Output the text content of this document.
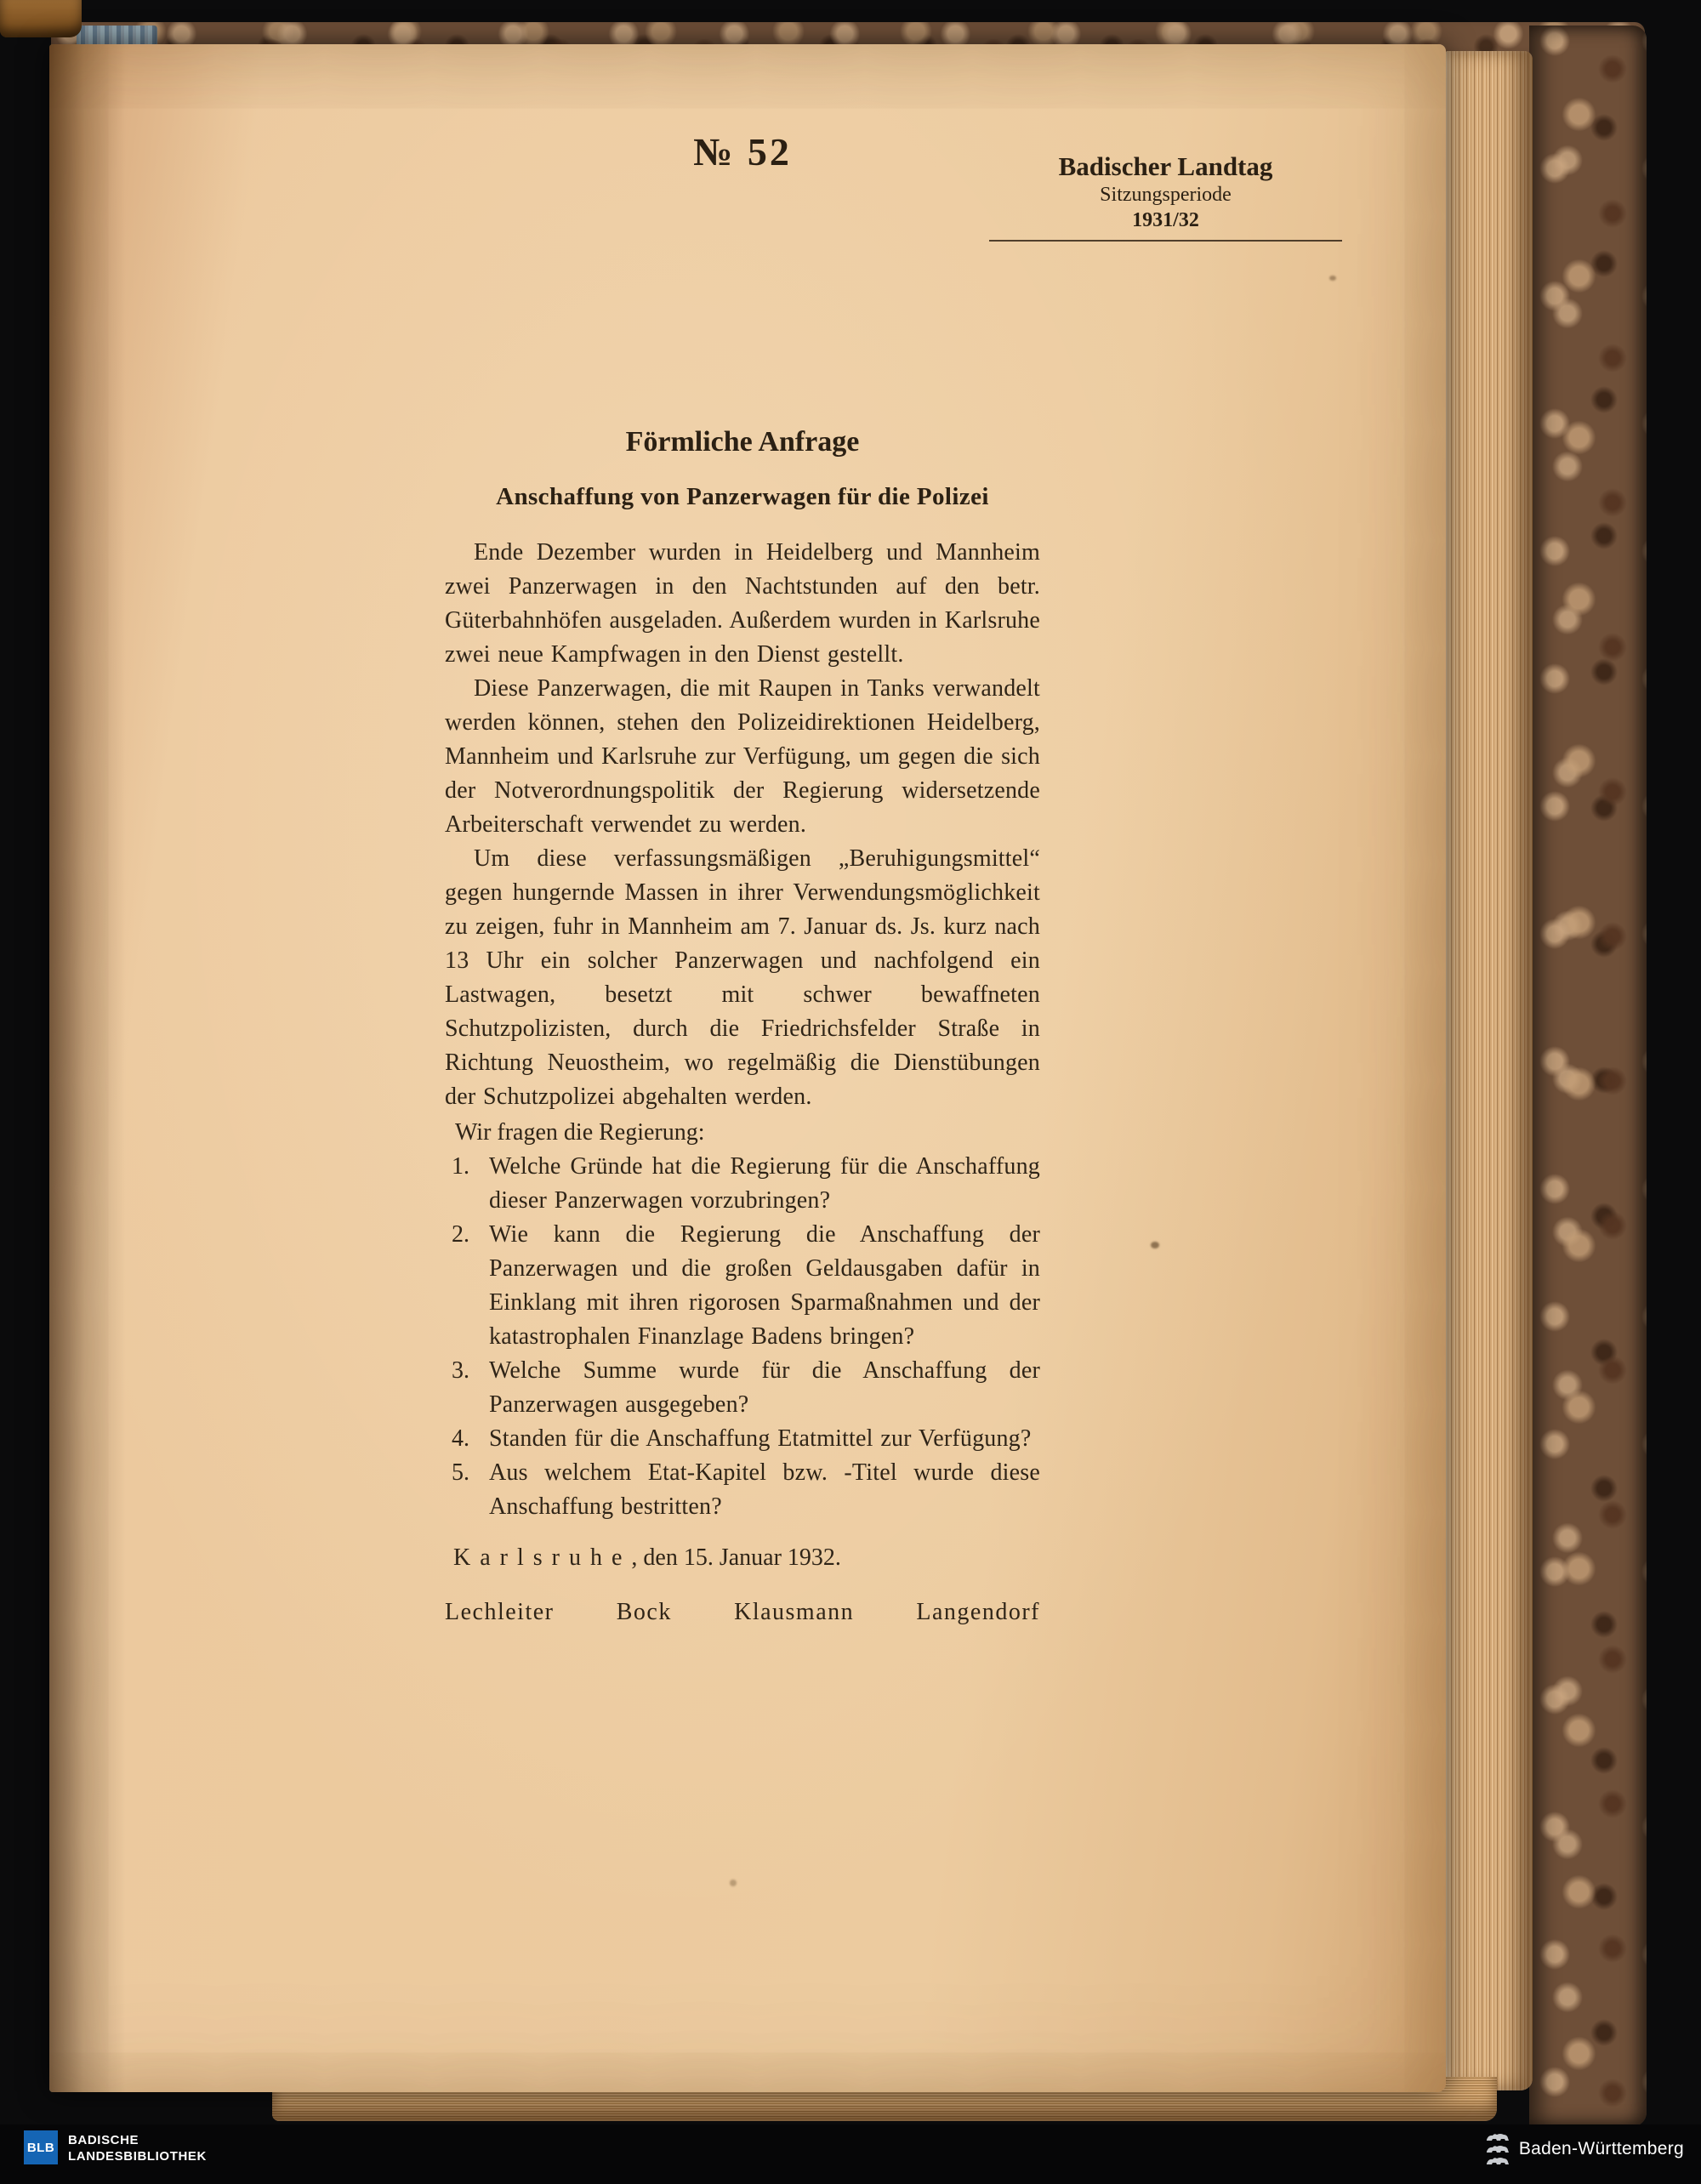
№ 52	Badischer Landtag
Sitzungsperiode
1931/32
Förmliche Anfrage
Anschaffung von Panzerwagen für die Polizei

Ende Dezember wurden in Heidelberg und Mannheim zwei Panzerwagen in den Nachtstunden auf den betr. Güterbahnhöfen ausgeladen. Außerdem wurden in Karlsruhe zwei neue Kampfwagen in den Dienst gestellt.

Diese Panzerwagen, die mit Raupen in Tanks verwandelt werden können, stehen den Polizeidirektionen Heidelberg, Mannheim und Karlsruhe zur Verfügung, um gegen die sich der Notverordnungspolitik der Regierung widersetzende Arbeiterschaft verwendet zu werden.

Um diese verfassungsmäßigen „Beruhigungsmittel“ gegen hungernde Massen in ihrer Verwendungsmöglichkeit zu zeigen, fuhr in Mannheim am 7. Januar ds. Js. kurz nach 13 Uhr ein solcher Panzerwagen und nachfolgend ein Lastwagen, besetzt mit schwer bewaffneten Schutzpolizisten, durch die Friedrichsfelder Straße in Richtung Neuostheim, wo regelmäßig die Dienstübungen der Schutzpolizei abgehalten werden.

Wir fragen die Regierung:
1. Welche Gründe hat die Regierung für die Anschaffung dieser Panzerwagen vorzubringen?
2. Wie kann die Regierung die Anschaffung der Panzerwagen und die großen Geldausgaben dafür in Einklang mit ihren rigorosen Sparmaßnahmen und der katastrophalen Finanzlage Badens bringen?
3. Welche Summe wurde für die Anschaffung der Panzerwagen ausgegeben?
4. Standen für die Anschaffung Etatmittel zur Verfügung?
5. Aus welchem Etat-Kapitel bzw. -Titel wurde diese Anschaffung bestritten?
Karlsruhe, den 15. Januar 1932.
Lechleiter	Bock	Klausmann	Langendorf
BLB BADISCHE
LANDESBIBLIOTHEK	Baden-Württemberg
